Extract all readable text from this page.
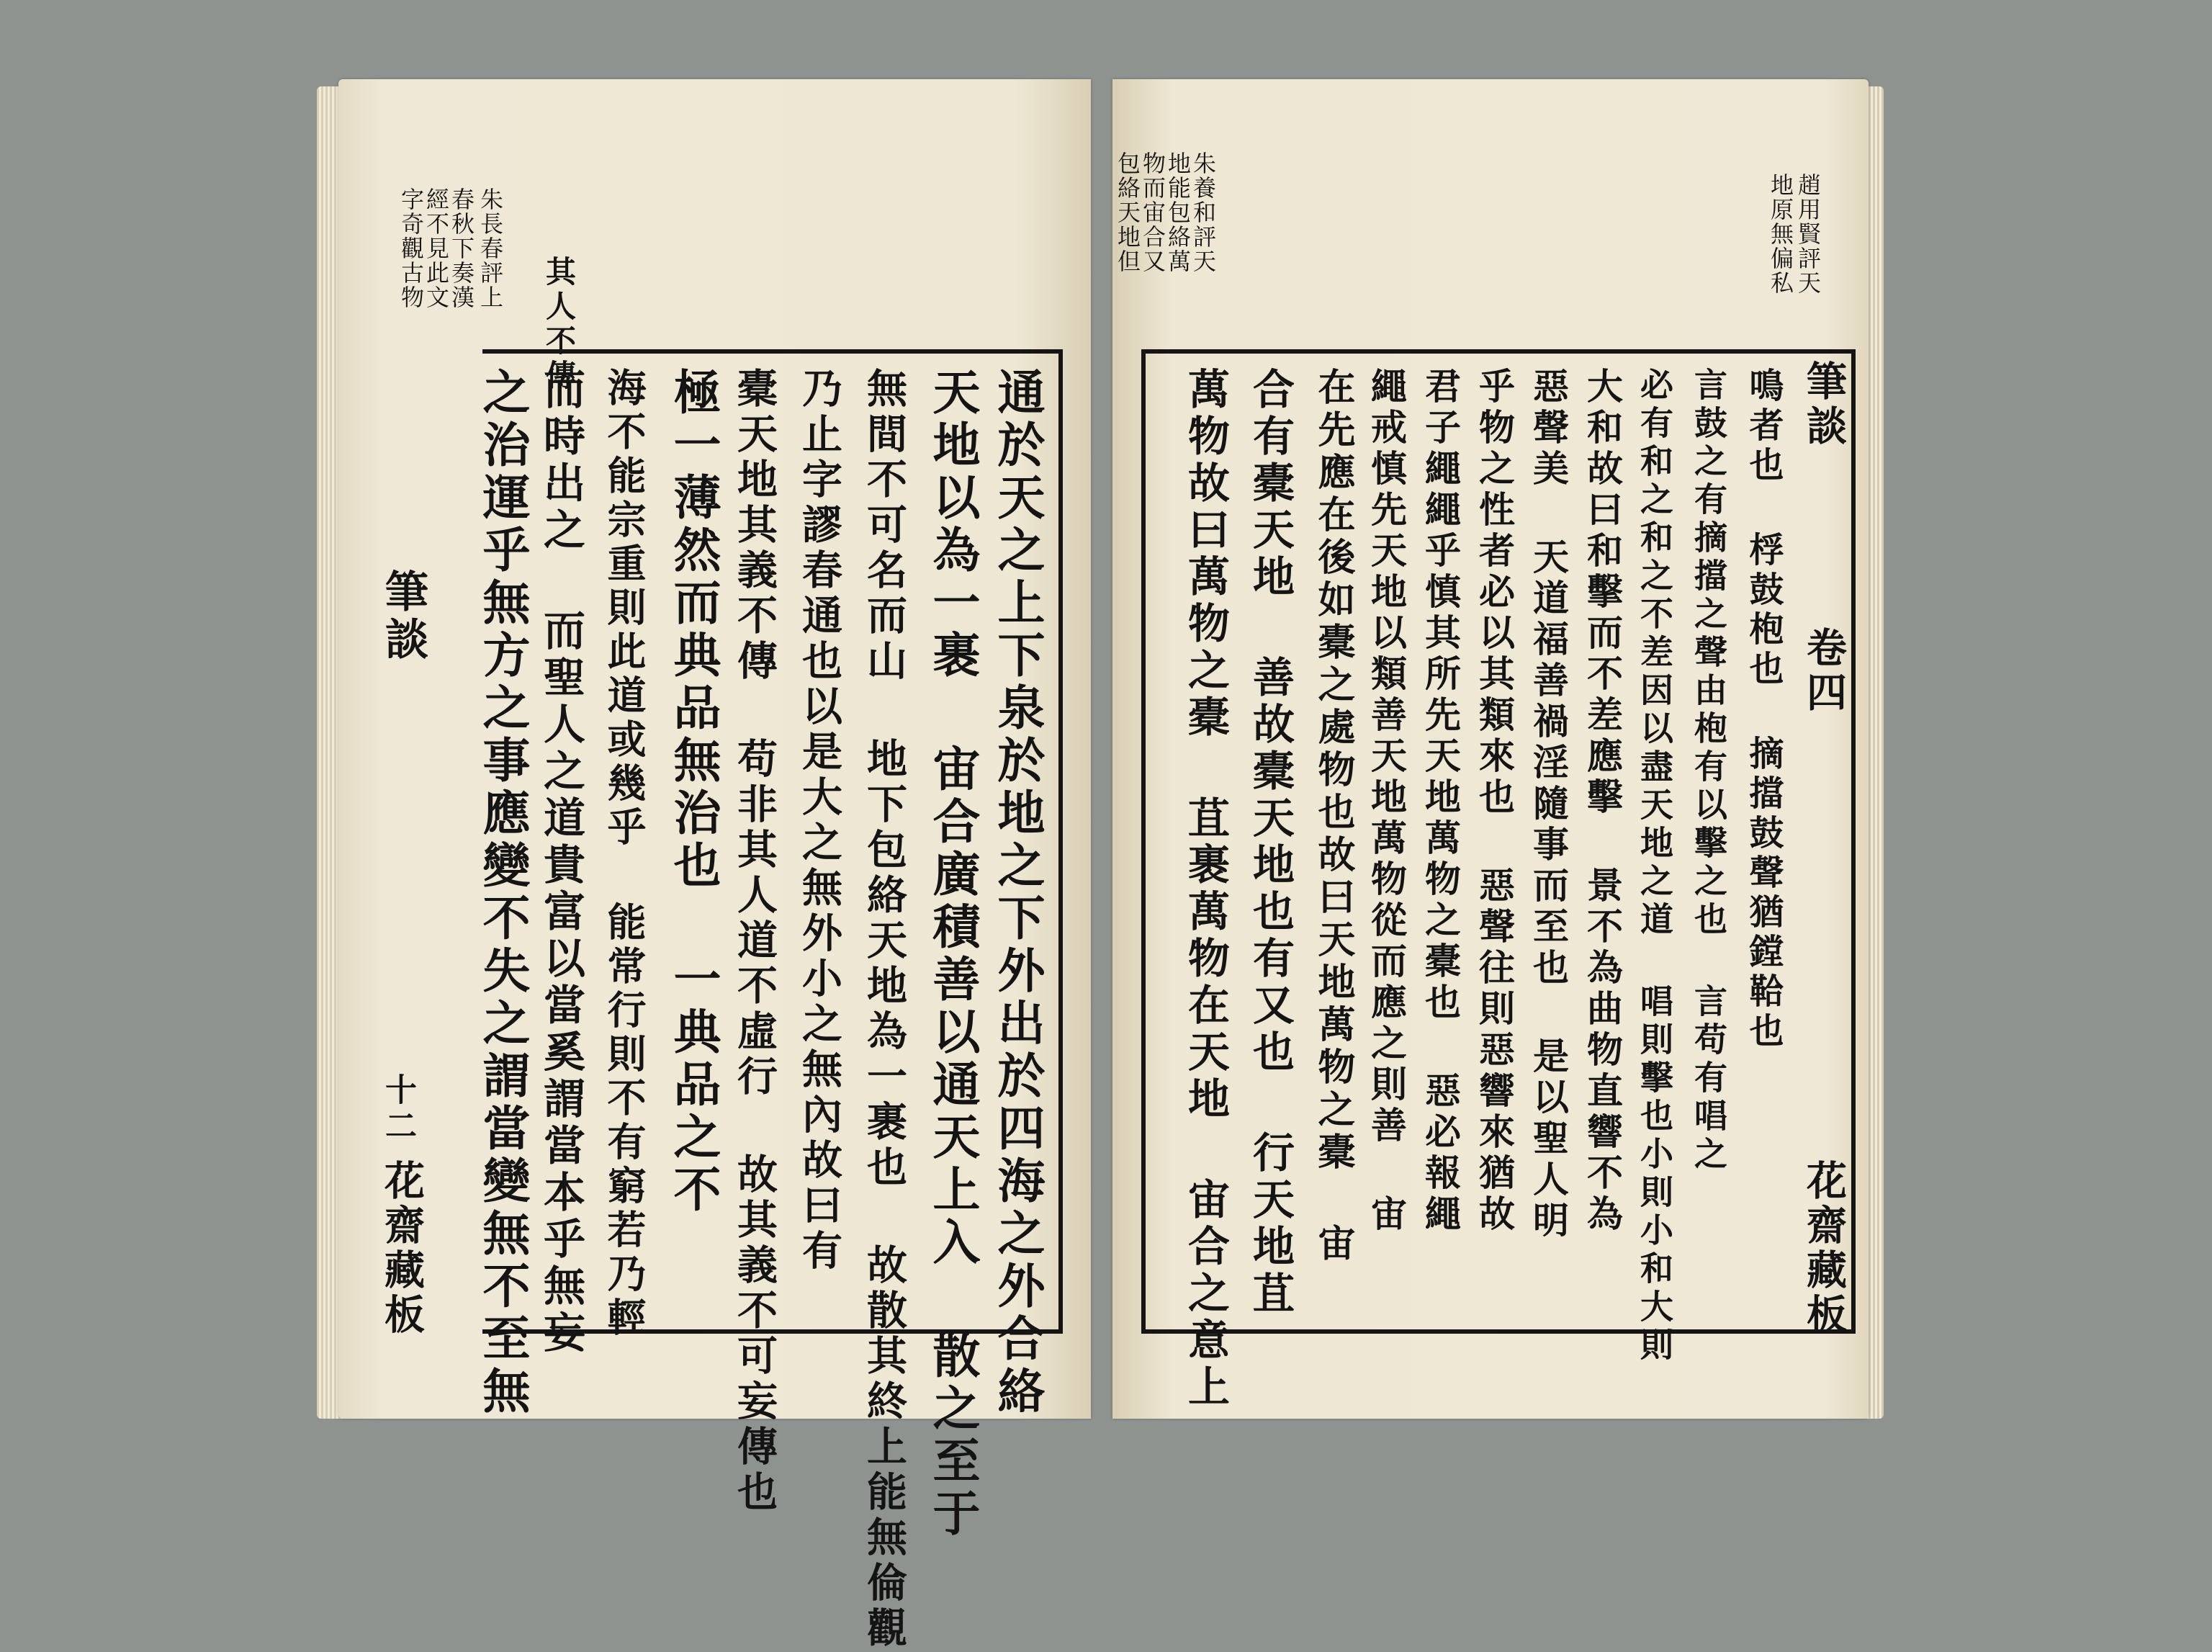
其人不傳
朱長春評上
春秋下奏漢
經不見此文
字奇觀古物
通於天之上下泉於地之下外出於四海之外合絡
天地以為一裹 宙合廣積善以通天上入 散之至于
無間不可名而山 地下包絡天地為一裹也 故散其終上能無倫觀
乃止字謬春通也以是大之無外小之無內故曰有
橐天地其義不傳 苟非其人道不虛行 故其義不可妄傳也
極一薄然而典品無治也 一典品之不
海不能宗重則此道或幾乎 能常行則不有窮若乃輕
而時出之 而聖人之道貴富以當奚謂當本乎無妄
之治運乎無方之事應變不失之謂當變無不至無
筆談
十二
花齋藏板
趙用賢評天
地原無偏私
朱養和評天
地能包絡萬
物而宙合又
包絡天地但
筆談
卷四
花齋藏板
鳴者也 桴鼓枹也 摘擋鼓聲猶鏜鞈也
言鼓之有摘擋之聲由枹有以擊之也 言苟有唱之
必有和之和之不差因以盡天地之道 唱則擊也小則小和大則
大和故曰和擊而不差應擊 景不為曲物直響不為
惡聲美 天道福善禍淫隨事而至也 是以聖人明
乎物之性者必以其類來也 惡聲往則惡響來猶故
君子繩繩乎慎其所先天地萬物之橐也 惡必報繩
繩戒慎先天地以類善天地萬物從而應之則善 宙
在先應在後如橐之處物也故曰天地萬物之橐 宙
合有橐天地 善故橐天地也有又也 行天地苴
萬物故曰萬物之橐 苴裹萬物在天地 宙合之意上
